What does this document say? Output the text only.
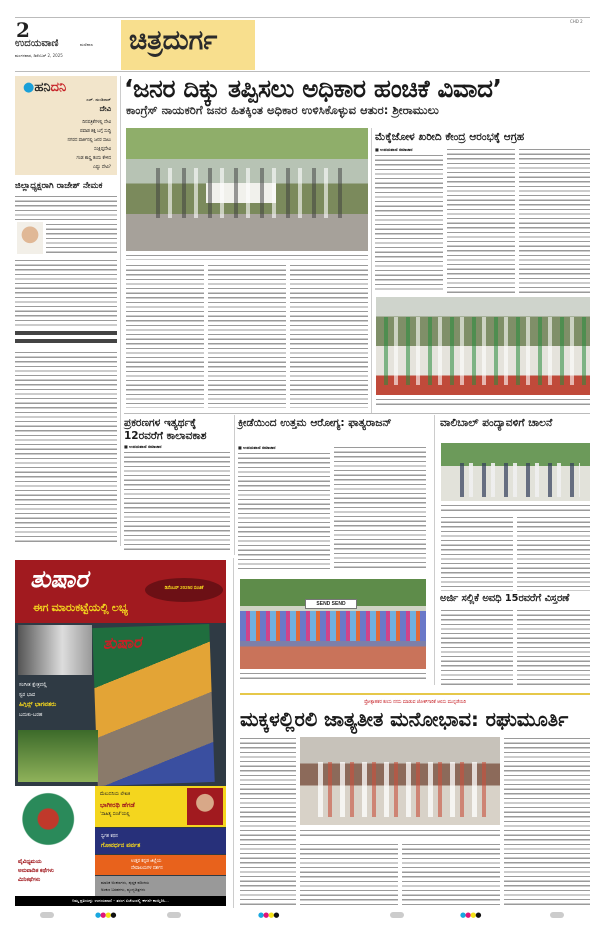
2
ಉದಯವಾಣಿ	ಮಣಿಪಾಲ
ಮಂಗಳವಾರ, ಡಿಸೆಂಬರ್ 2, 2025 ಚಿತ್ರದುರ್ಗ
CHD 2
●ಹನಿದನಿ
ಎಚ್. ಡುಂಡಿರಾಜ್
ದೇವಿ
ದಿನಪತ್ರಿಕೆಗಳಲ್ಲಿ ದೇವಿ
ಪವಾಡ ಶಕ್ತಿ ಬಗ್ಗೆ ಸುದ್ದಿ
ನಗರದ ಪಾರ್ಕಿನಲ್ಲಿ ಜನರ ಸಾಲು
ಸಂಕ್ಷಿಪ್ತದೇವಿ
ಗಂಡ ಶಾಸ್ತ್ರ ತಂದು ಕೇಳಿದ
ಎಷ್ಟು ದೇವಿ?
ಜಿಲ್ಲಾಧ್ಯಕ್ಷರಾಗಿ ರಾಜೇಶ್ ನೇಮಕ
‘ಜನರ ದಿಕ್ಕು ತಪ್ಪಿಸಲು ಅಧಿಕಾರ ಹಂಚಿಕೆ ವಿವಾದ’
ಕಾಂಗ್ರೆಸ್ ನಾಯಕರಿಗೆ ಜನರ ಹಿತಕ್ಕಿಂತ ಅಧಿಕಾರ ಉಳಿಸಿಕೊಳ್ಳುವ ಆತುರ: ಶ್ರೀರಾಮುಲು
ಮೆಕ್ಕೆಜೋಳ ಖರೀದಿ ಕೇಂದ್ರ ಆರಂಭಕ್ಕೆ ಆಗ್ರಹ
■ ಉದಯವಾಣಿ ಸಮಾಚಾರ
ಪ್ರಕರಣಗಳ ಇತ್ಯರ್ಥಕ್ಕೆ
12ರವರೆಗೆ ಕಾಲಾವಕಾಶ
■ ಉದಯವಾಣಿ ಸಮಾಚಾರ
ಕ್ರೀಡೆಯಿಂದ ಉತ್ತಮ ಆರೋಗ್ಯ: ಫಾತ್ಯರಾಜನ್
■ ಉದಯವಾಣಿ ಸಮಾಚಾರ
SEND SEND
ವಾಲಿಬಾಲ್ ಪಂದ್ಯಾವಳಿಗೆ ಚಾಲನೆ
ಅರ್ಜಿ ಸಲ್ಲಿಕೆ ಅವಧಿ 15ರವರೆಗೆ ವಿಸ್ತರಣೆ
ತುಷಾರ	ಡಿಸೆಂಬರ್ 2025ರ ಸಂಚಿಕೆ
ಈಗ ಮಾರುಕಟ್ಟೆಯಲ್ಲಿ ಲಭ್ಯ
ತುಷಾರ
ಸಂಗೀತ ಕ್ಷೇತ್ರದಲ್ಲಿ
ಸ್ವರ ಭಾವ
ಹಿಗ್ಗಿನ್ಸ್ ಭಾಗವತರು
ಬದುಕು-ಬರಹ
ವೈವಿಧ್ಯಮಯ
ಅನುವಾದಿತ ಕಥೆಗಳು
ಮಿನಿಕಥೆಗಳು
ಮೆಲುದನಿಯ ಲೇಖಕಿ
ಭಾಗೀರಥಿ ಹೆಗಡೆ
'ಸಾಹಿತ್ಯ ಸಂಜೆ'ಯಲ್ಲಿ
ಸ್ವಗತ ಕಥನ
ಗೋವರ್ಧನ ಪರ್ವತ
ಉತ್ತರ ಕನ್ನಡ ಜಿಲ್ಲೆಯ
ದೇವಾಲಯಗಳ ದರ್ಶನ
ಮಾಸಿಕ ಅಂಕಣಗಳು, ಪುಸ್ತಕ ಪರಿಚಯ
ಅಂಕಣ ಬರಹಗಳು, ವ್ಯಂಗ್ಯಚಿತ್ರಗಳು
ನಿಮ್ಮ ಪ್ರತಿಯನ್ನು ಉದಯವಾಣಿ – ತರಂಗ ಏಜೆಂಟರಲ್ಲಿ ಈಗಲೇ ಕಾಯ್ದಿರಿಸಿ...
ಪ್ರೋತ್ಸಾಹಕರ ಕಣಸು ನನಸು ಮಾಡುವ ಜೋಶ್‌ಗಾರಿಕೆ ಆಲಿಸು ಮುನ್ನಡೆಯಿರಿ
ಮಕ್ಕಳಲ್ಲಿರಲಿ ಜಾತ್ಯತೀತ ಮನೋಭಾವ: ರಘುಮೂರ್ತಿ
●●●●	●●●●	●●●●
